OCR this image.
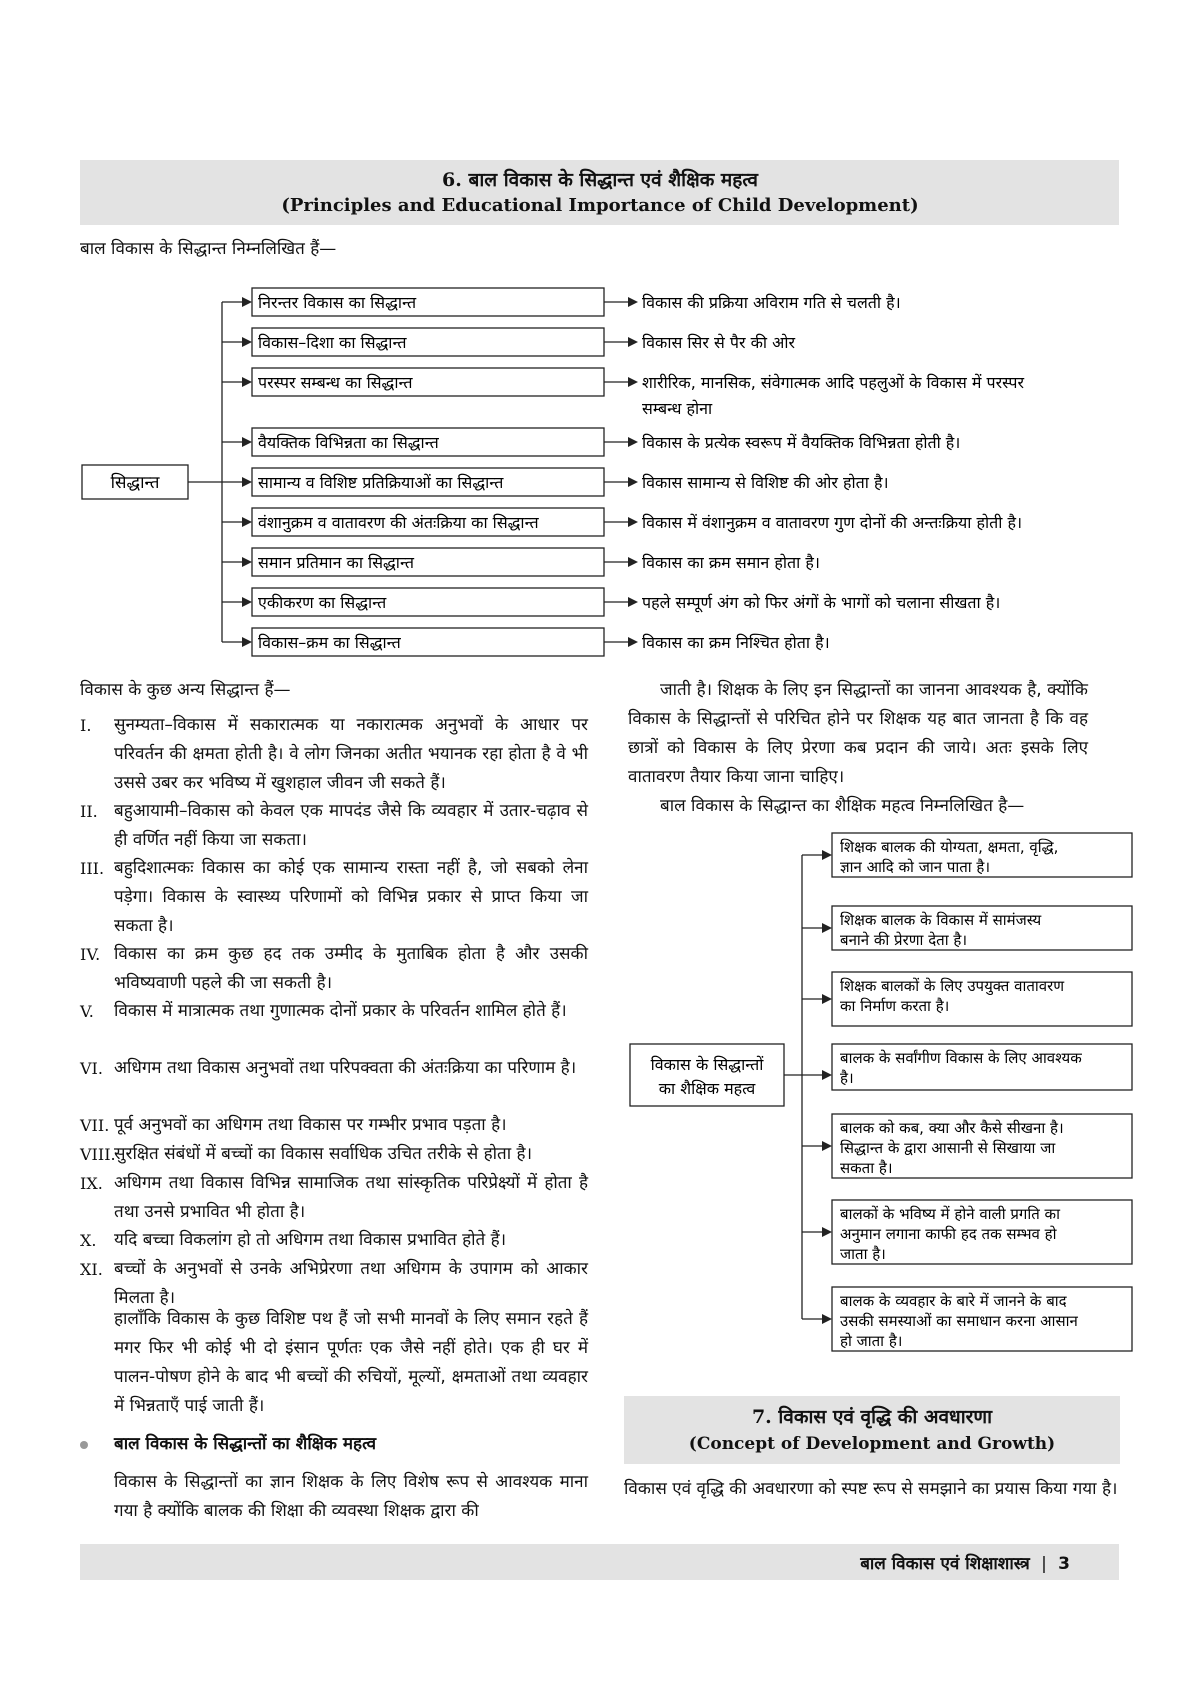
6. बाल विकास के सिद्धान्त एवं शैक्षिक महत्व
(Principles and Educational Importance of Child Development)
बाल विकास के सिद्धान्त निम्नलिखित हैं—
सिद्धान्त
निरन्तर विकास का सिद्धान्त	विकास की प्रक्रिया अविराम गति से चलती है।
विकास–दिशा का सिद्धान्त	विकास सिर से पैर की ओर
परस्पर सम्बन्ध का सिद्धान्त	शारीरिक, मानसिक, संवेगात्मक आदि पहलुओं के विकास में परस्पर
सम्बन्ध होना
वैयक्तिक विभिन्नता का सिद्धान्त	विकास के प्रत्येक स्वरूप में वैयक्तिक विभिन्नता होती है।
सामान्य व विशिष्ट प्रतिक्रियाओं का सिद्धान्त	विकास सामान्य से विशिष्ट की ओर होता है।
वंशानुक्रम व वातावरण की अंतःक्रिया का सिद्धान्त	विकास में वंशानुक्रम व वातावरण गुण दोनों की अन्तःक्रिया होती है।
समान प्रतिमान का सिद्धान्त	विकास का क्रम समान होता है।
एकीकरण का सिद्धान्त	पहले सम्पूर्ण अंग को फिर अंगों के भागों को चलाना सीखता है।
विकास–क्रम का सिद्धान्त	विकास का क्रम निश्चित होता है।
विकास के कुछ अन्य सिद्धान्त हैं—
I. सुनम्यता–विकास में सकारात्मक या नकारात्मक अनुभवों के आधार पर परिवर्तन की क्षमता होती है। वे लोग जिनका अतीत भयानक रहा होता है वे भी उससे उबर कर भविष्य में खुशहाल जीवन जी सकते हैं।
II. बहुआयामी–विकास को केवल एक मापदंड जैसे कि व्यवहार में उतार-चढ़ाव से ही वर्णित नहीं किया जा सकता।
III. बहुदिशात्मकः विकास का कोई एक सामान्य रास्ता नहीं है, जो सबको लेना पड़ेगा। विकास के स्वास्थ्य परिणामों को विभिन्न प्रकार से प्राप्त किया जा सकता है।
IV. विकास का क्रम कुछ हद तक उम्मीद के मुताबिक होता है और उसकी भविष्यवाणी पहले की जा सकती है।
V. विकास में मात्रात्मक तथा गुणात्मक दोनों प्रकार के परिवर्तन शामिल होते हैं।
VI. अधिगम तथा विकास अनुभवों तथा परिपक्वता की अंतःक्रिया का परिणाम है।
VII. पूर्व अनुभवों का अधिगम तथा विकास पर गम्भीर प्रभाव पड़ता है।
VIII.
सुरक्षित संबंधों में बच्चों का विकास सर्वाधिक उचित तरीके से होता है।
IX. अधिगम तथा विकास विभिन्न सामाजिक तथा सांस्कृतिक परिप्रेक्ष्यों में होता है तथा उनसे प्रभावित भी होता है।
X. यदि बच्चा विकलांग हो तो अधिगम तथा विकास प्रभावित होते हैं।
XI. बच्चों के अनुभवों से उनके अभिप्रेरणा तथा अधिगम के उपागम को आकार मिलता है।
हालाँकि विकास के कुछ विशिष्ट पथ हैं जो सभी मानवों के लिए समान रहते हैं मगर फिर भी कोई भी दो इंसान पूर्णतः एक जैसे नहीं होते। एक ही घर में पालन-पोषण होने के बाद भी बच्चों की रुचियों, मूल्यों, क्षमताओं तथा व्यवहार में भिन्नताएँ पाई जाती हैं।
बाल विकास के सिद्धान्तों का शैक्षिक महत्व
विकास के सिद्धान्तों का ज्ञान शिक्षक के लिए विशेष रूप से आवश्यक माना गया है क्योंकि बालक की शिक्षा की व्यवस्था शिक्षक द्वारा की
जाती है। शिक्षक के लिए इन सिद्धान्तों का जानना आवश्यक है, क्योंकि विकास के सिद्धान्तों से परिचित होने पर शिक्षक यह बात जानता है कि वह छात्रों को विकास के लिए प्रेरणा कब प्रदान की जाये। अतः इसके लिए वातावरण तैयार किया जाना चाहिए।
बाल विकास के सिद्धान्त का शैक्षिक महत्व निम्नलिखित है—
विकास के सिद्धान्तों
का शैक्षिक महत्व
शिक्षक बालक की योग्यता, क्षमता, वृद्धि,
ज्ञान आदि को जान पाता है।
शिक्षक बालक के विकास में सामंजस्य
बनाने की प्रेरणा देता है।
शिक्षक बालकों के लिए उपयुक्त वातावरण
का निर्माण करता है।
बालक के सर्वांगीण विकास के लिए आवश्यक
है।
बालक को कब, क्या और कैसे सीखना है।
सिद्धान्त के द्वारा आसानी से सिखाया जा
सकता है।
बालकों के भविष्य में होने वाली प्रगति का
अनुमान लगाना काफी हद तक सम्भव हो
जाता है।
बालक के व्यवहार के बारे में जानने के बाद
उसकी समस्याओं का समाधान करना आसान
हो जाता है।
7. विकास एवं वृद्धि की अवधारणा
(Concept of Development and Growth)
विकास एवं वृद्धि की अवधारणा को स्पष्ट रूप से समझाने का प्रयास किया गया है।
बाल विकास एवं शिक्षाशास्त्र  |  3
